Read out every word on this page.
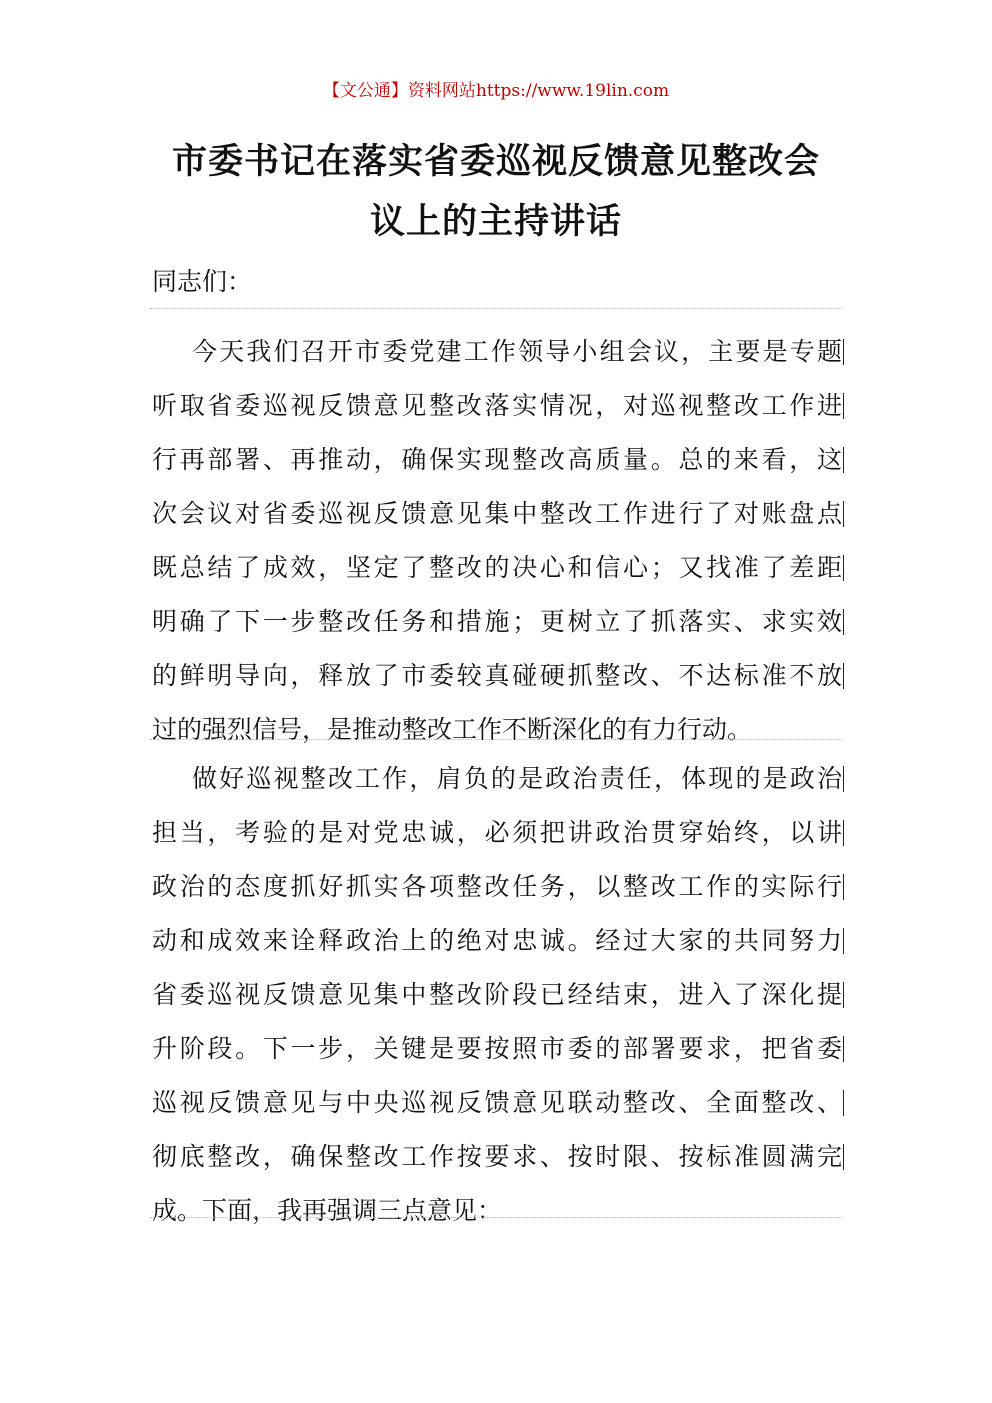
【文公通】资料网站https://www.19lin.com
市委书记在落实省委巡视反馈意见整改会
议上的主持讲话
同志们：
今天我们召开市委党建工作领导小组会议，主要是专题
听取省委巡视反馈意见整改落实情况，对巡视整改工作进
行再部署、再推动，确保实现整改高质量。总的来看，这
次会议对省委巡视反馈意见集中整改工作进行了对账盘点
既总结了成效，坚定了整改的决心和信心；又找准了差距
明确了下一步整改任务和措施；更树立了抓落实、求实效
的鲜明导向，释放了市委较真碰硬抓整改、不达标准不放
过的强烈信号，是推动整改工作不断深化的有力行动。
做好巡视整改工作，肩负的是政治责任，体现的是政治
担当，考验的是对党忠诚，必须把讲政治贯穿始终，以讲
政治的态度抓好抓实各项整改任务，以整改工作的实际行
动和成效来诠释政治上的绝对忠诚。经过大家的共同努力
省委巡视反馈意见集中整改阶段已经结束，进入了深化提
升阶段。下一步，关键是要按照市委的部署要求，把省委
巡视反馈意见与中央巡视反馈意见联动整改、全面整改、
彻底整改，确保整改工作按要求、按时限、按标准圆满完
成。下面，我再强调三点意见：
